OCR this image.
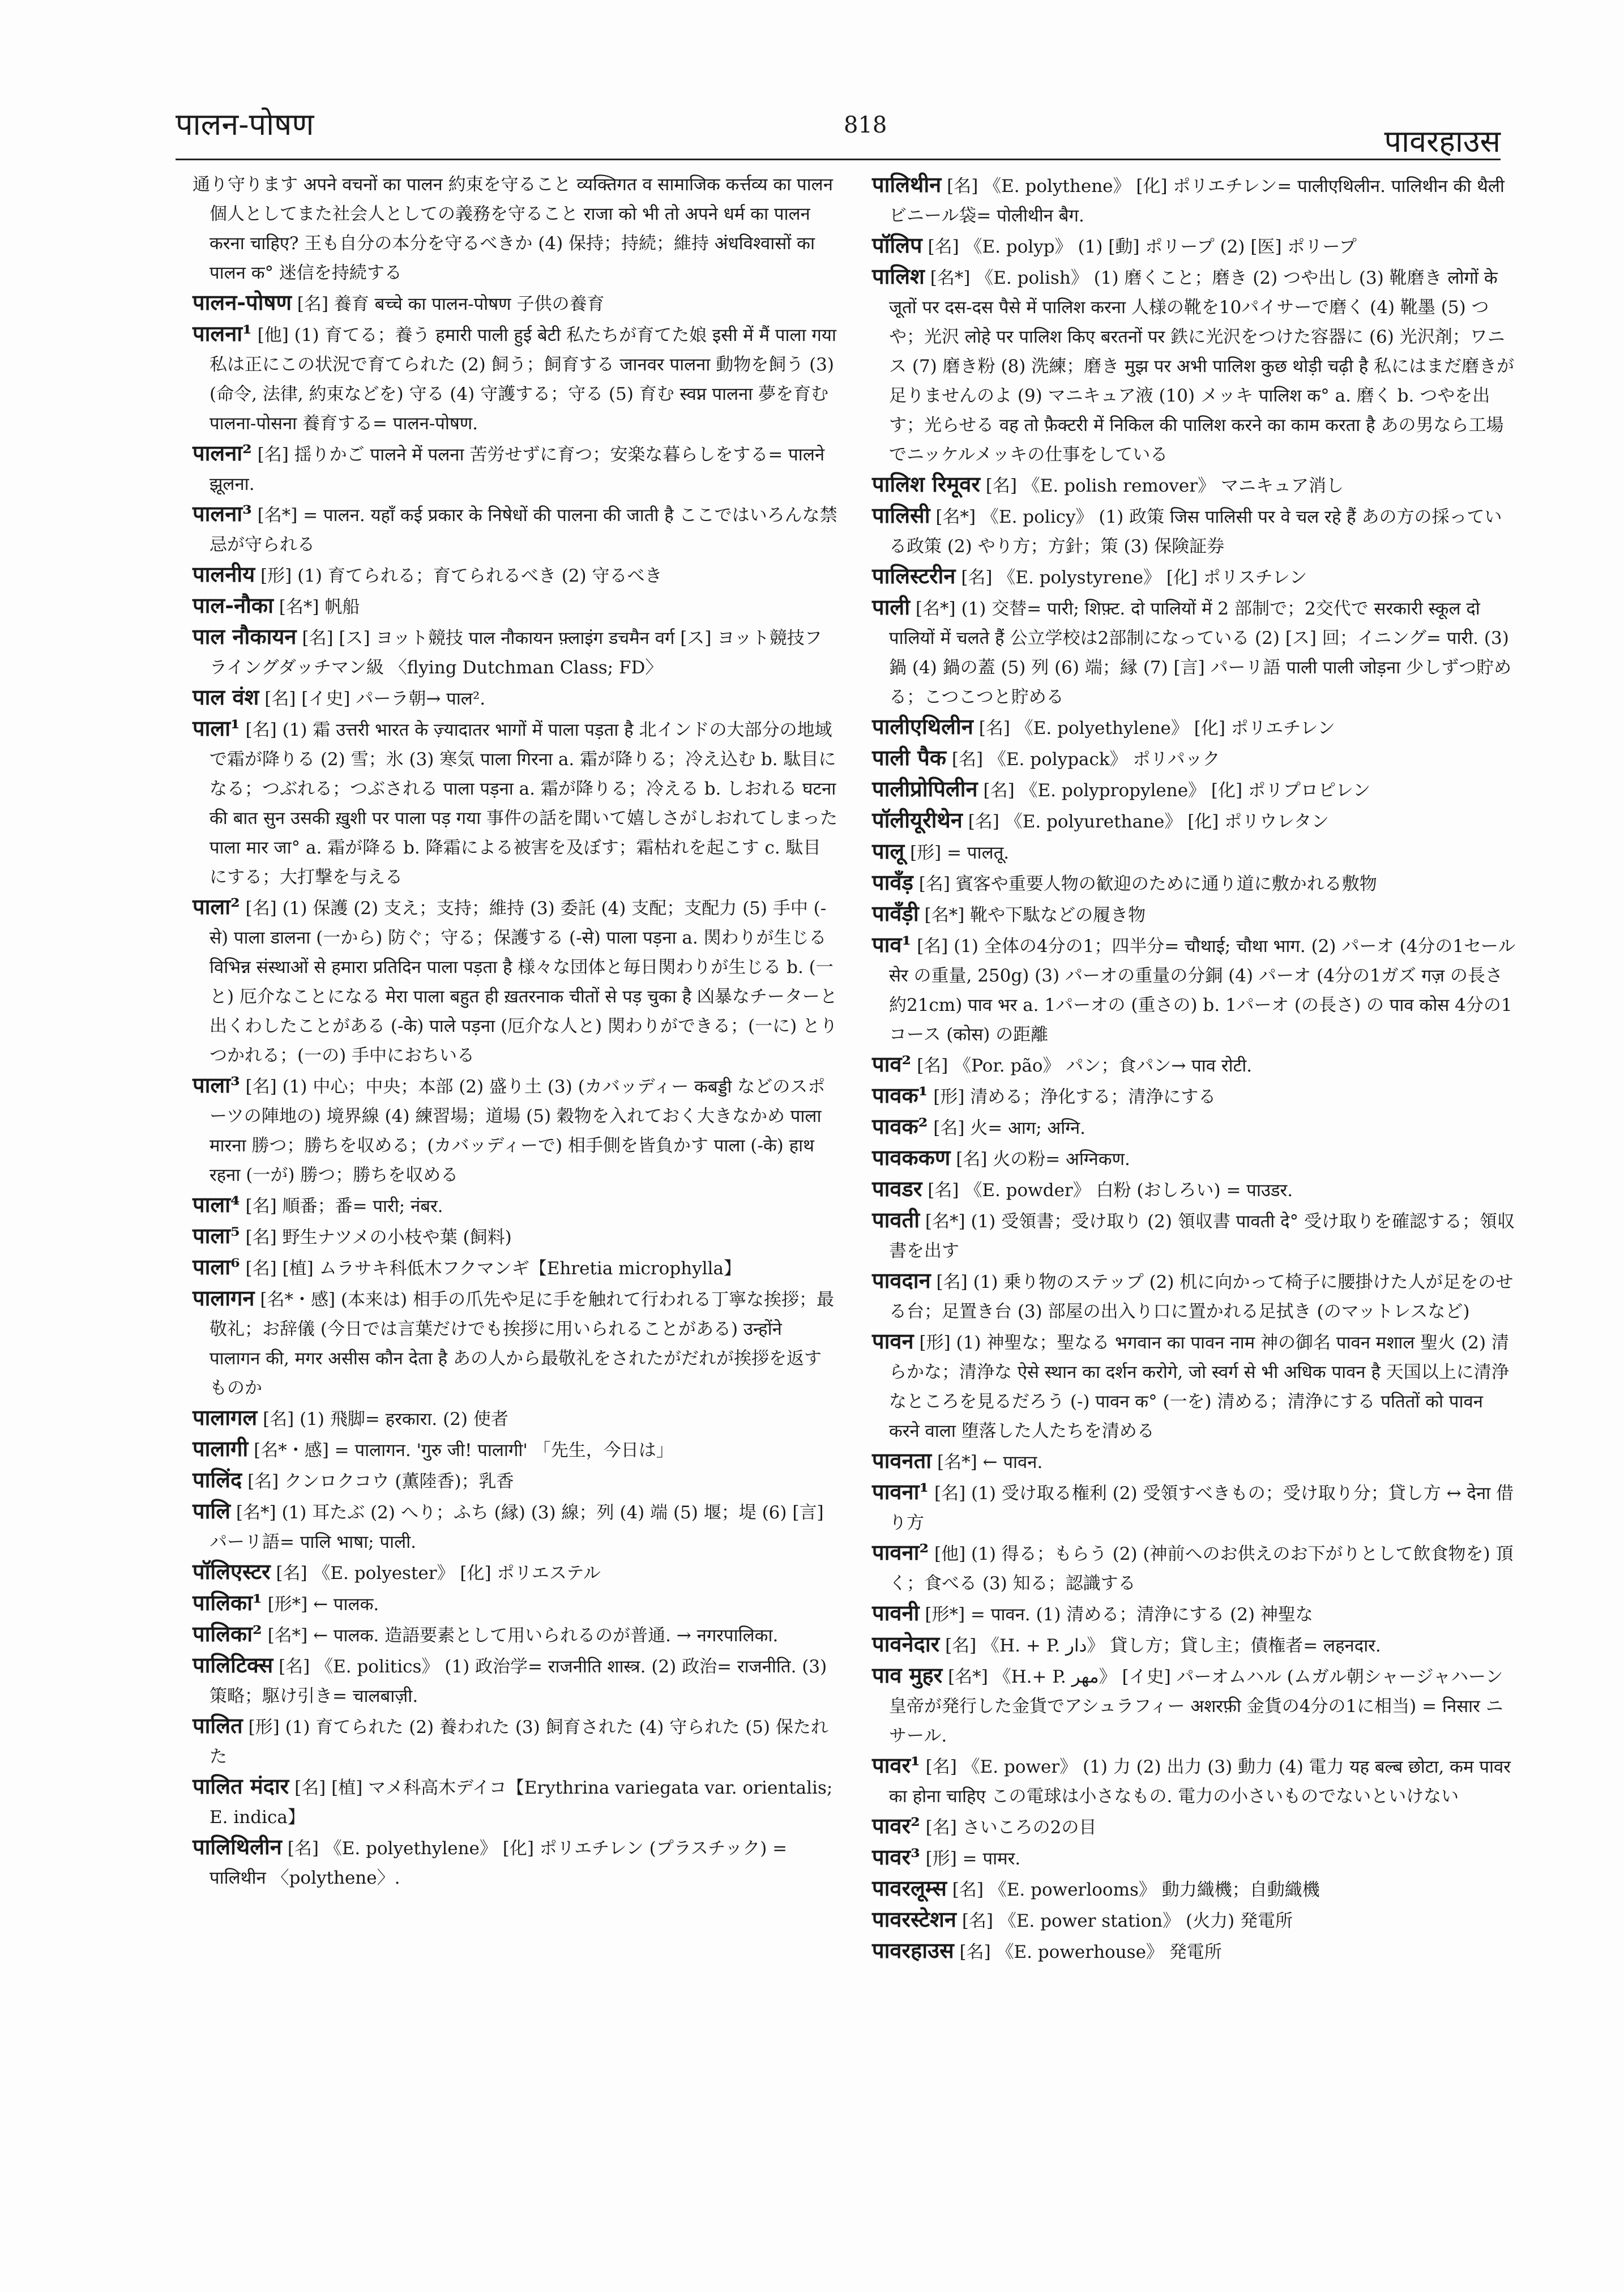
पालन-पोषण	818	पावरहाउस

通り守ります अपने वचनों का पालन 約束を守ること व्यक्तिगत व सामाजिक कर्त्तव्य का पालन 個人としてまた社会人としての義務を守ること राजा को भी तो अपने धर्म का पालन करना चाहिए? 王も自分の本分を守るべきか (4) 保持；持続；維持 अंधविश्वासों का पालन क° 迷信を持続する

पालन-पोषण [名] 養育 बच्चे का पालन-पोषण 子供の養育

पालना¹ [他] (1) 育てる；養う हमारी पाली हुई बेटी 私たちが育てた娘 इसी में मैं पाला गया 私は正にこの状況で育てられた (2) 飼う；飼育する जानवर पालना 動物を飼う (3) (命令, 法律, 約束などを) 守る (4) 守護する；守る (5) 育む स्वप्न पालना 夢を育む पालना-पोसना 養育する= पालन-पोषण.

पालना² [名] 揺りかご पालने में पलना 苦労せずに育つ；安楽な暮らしをする= पालने झूलना.

पालना³ [名*] = पालन. यहाँ कई प्रकार के निषेधों की पालना की जाती है ここではいろんな禁忌が守られる

पालनीय [形] (1) 育てられる；育てられるべき (2) 守るべき

पाल-नौका [名*] 帆船

पाल नौकायन [名] [ス] ヨット競技 पाल नौकायन फ़्लाइंग डचमैन वर्ग [ス] ヨット競技フライングダッチマン級 〈flying Dutchman Class; FD〉

पाल वंश [名] [イ史] パーラ朝→ पाल².

पाला¹ [名] (1) 霜 उत्तरी भारत के ज़्यादातर भागों में पाला पड़ता है 北インドの大部分の地域で霜が降りる (2) 雪；氷 (3) 寒気 पाला गिरना a. 霜が降りる；冷え込む b. 駄目になる；つぶれる；つぶされる पाला पड़ना a. 霜が降りる；冷える b. しおれる घटना की बात सुन उसकी ख़ुशी पर पाला पड़ गया 事件の話を聞いて嬉しさがしおれてしまった पाला मार जा° a. 霜が降る b. 降霜による被害を及ぼす；霜枯れを起こす c. 駄目にする；大打撃を与える

पाला² [名] (1) 保護 (2) 支え；支持；維持 (3) 委託 (4) 支配；支配力 (5) 手中 (-से) पाला डालना (一から) 防ぐ；守る；保護する (-से) पाला पड़ना a. 関わりが生じる विभिन्न संस्थाओं से हमारा प्रतिदिन पाला पड़ता है 様々な団体と毎日関わりが生じる b. (一と) 厄介なことになる मेरा पाला बहुत ही ख़तरनाक चीतों से पड़ चुका है 凶暴なチーターと出くわしたことがある (-के) पाले पड़ना (厄介な人と) 関わりができる；(一に) とりつかれる；(一の) 手中におちいる

पाला³ [名] (1) 中心；中央；本部 (2) 盛り土 (3) (カバッディー कबड्डी などのスポーツの陣地の) 境界線 (4) 練習場；道場 (5) 穀物を入れておく大きなかめ पाला मारना 勝つ；勝ちを収める；(カバッディーで) 相手側を皆負かす पाला (-के) हाथ रहना (一が) 勝つ；勝ちを収める

पाला⁴ [名] 順番；番= पारी; नंबर.

पाला⁵ [名] 野生ナツメの小枝や葉 (飼料)

पाला⁶ [名] [植] ムラサキ科低木フクマンギ【Ehretia microphylla】

पालागन [名*・感] (本来は) 相手の爪先や足に手を触れて行われる丁寧な挨拶；最敬礼；お辞儀 (今日では言葉だけでも挨拶に用いられることがある) उन्होंने पालागन की, मगर असीस कौन देता है あの人から最敬礼をされたがだれが挨拶を返すものか

पालागल [名] (1) 飛脚= हरकारा. (2) 使者

पालागी [名*・感] = पालागन. 'गुरु जी! पालागी' 「先生，今日は」

पालिंद [名] クンロクコウ (薫陸香)；乳香

पालि [名*] (1) 耳たぶ (2) へり；ふち (縁) (3) 線；列 (4) 端 (5) 堰；堤 (6) [言] パーリ語= पालि भाषा; पाली.

पॉलिएस्टर [名] 《E. polyester》 [化] ポリエステル

पालिका¹ [形*] ← पालक.

पालिका² [名*] ← पालक. 造語要素として用いられるのが普通. → नगरपालिका.

पालिटिक्स [名] 《E. politics》 (1) 政治学= राजनीति शास्त्र. (2) 政治= राजनीति. (3) 策略；駆け引き= चालबाज़ी.

पालित [形] (1) 育てられた (2) 養われた (3) 飼育された (4) 守られた (5) 保たれた

पालित मंदार [名] [植] マメ科高木デイコ【Erythrina variegata var. orientalis; E. indica】

पालिथिलीन [名] 《E. polyethylene》 [化] ポリエチレン (プラスチック) = पालिथीन 〈polythene〉.

पालिथीन [名] 《E. polythene》 [化] ポリエチレン= पालीएथिलीन. पालिथीन की थैली ビニール袋= पोलीथीन बैग.

पॉलिप [名] 《E. polyp》 (1) [動] ポリープ (2) [医] ポリープ

पालिश [名*] 《E. polish》 (1) 磨くこと；磨き (2) つや出し (3) 靴磨き लोगों के जूतों पर दस-दस पैसे में पालिश करना 人様の靴を10パイサーで磨く (4) 靴墨 (5) つや；光沢 लोहे पर पालिश किए बरतनों पर 鉄に光沢をつけた容器に (6) 光沢剤；ワニス (7) 磨き粉 (8) 洗練；磨き मुझ पर अभी पालिश कुछ थोड़ी चढ़ी है 私にはまだ磨きが足りませんのよ (9) マニキュア液 (10) メッキ पालिश क° a. 磨く b. つやを出す；光らせる वह तो फ़ैक्टरी में निकिल की पालिश करने का काम करता है あの男なら工場でニッケルメッキの仕事をしている

पालिश रिमूवर [名] 《E. polish remover》 マニキュア消し

पालिसी [名*] 《E. policy》 (1) 政策 जिस पालिसी पर वे चल रहे हैं あの方の採っている政策 (2) やり方；方針；策 (3) 保険証券

पालिस्टरीन [名] 《E. polystyrene》 [化] ポリスチレン

पाली [名*] (1) 交替= पारी; शिफ़्ट. दो पालियों में 2 部制で；2交代で सरकारी स्कूल दो पालियों में चलते हैं 公立学校は2部制になっている (2) [ス] 回；イニング= पारी. (3) 鍋 (4) 鍋の蓋 (5) 列 (6) 端；縁 (7) [言] パーリ語 पाली पाली जोड़ना 少しずつ貯める；こつこつと貯める

पालीएथिलीन [名] 《E. polyethylene》 [化] ポリエチレン

पाली पैक [名] 《E. polypack》 ポリパック

पालीप्रोपिलीन [名] 《E. polypropylene》 [化] ポリプロピレン

पॉलीयूरीथेन [名] 《E. polyurethane》 [化] ポリウレタン

पालू [形] = पालतू.

पावँड़ [名] 賓客や重要人物の歓迎のために通り道に敷かれる敷物

पावँड़ी [名*] 靴や下駄などの履き物

पाव¹ [名] (1) 全体の4分の1；四半分= चौथाई; चौथा भाग. (2) パーオ (4分の1セール सेर の重量, 250g) (3) パーオの重量の分銅 (4) パーオ (4分の1ガズ गज़ の長さ約21cm) पाव भर a. 1パーオの (重さの) b. 1パーオ (の長さ) の पाव कोस 4分の1コース (कोस) の距離

पाव² [名] 《Por. pão》 パン；食パン→ पाव रोटी.

पावक¹ [形] 清める；浄化する；清浄にする

पावक² [名] 火= आग; अग्नि.

पावककण [名] 火の粉= अग्निकण.

पावडर [名] 《E. powder》 白粉 (おしろい) = पाउडर.

पावती [名*] (1) 受領書；受け取り (2) 領収書 पावती दे° 受け取りを確認する；領収書を出す

पावदान [名] (1) 乗り物のステップ (2) 机に向かって椅子に腰掛けた人が足をのせる台；足置き台 (3) 部屋の出入り口に置かれる足拭き (のマットレスなど)

पावन [形] (1) 神聖な；聖なる भगवान का पावन नाम 神の御名 पावन मशाल 聖火 (2) 清らかな；清浄な ऐसे स्थान का दर्शन करोगे, जो स्वर्ग से भी अधिक पावन है 天国以上に清浄なところを見るだろう (-) पावन क° (一を) 清める；清浄にする पतितों को पावन करने वाला 堕落した人たちを清める

पावनता [名*] ← पावन.

पावना¹ [名] (1) 受け取る権利 (2) 受領すべきもの；受け取り分；貸し方 ↔ देना 借り方

पावना² [他] (1) 得る；もらう (2) (神前へのお供えのお下がりとして飲食物を) 頂く；食べる (3) 知る；認識する

पावनी [形*] = पावन. (1) 清める；清浄にする (2) 神聖な

पावनेदार [名] 《H. + P. دار》 貸し方；貸し主；債権者= लहनदार.

पाव मुहर [名*] 《H.+ P. مهر》 [イ史] パーオムハル (ムガル朝シャージャハーン皇帝が発行した金貨でアシュラフィー अशरफ़ी 金貨の4分の1に相当) = निसार ニサール.

पावर¹ [名] 《E. power》 (1) 力 (2) 出力 (3) 動力 (4) 電力 यह बल्ब छोटा, कम पावर का होना चाहिए この電球は小さなもの. 電力の小さいものでないといけない

पावर² [名] さいころの2の目

पावर³ [形] = पामर.

पावरलूम्स [名] 《E. powerlooms》 動力織機；自動織機

पावरस्टेशन [名] 《E. power station》 (火力) 発電所

पावरहाउस [名] 《E. powerhouse》 発電所
